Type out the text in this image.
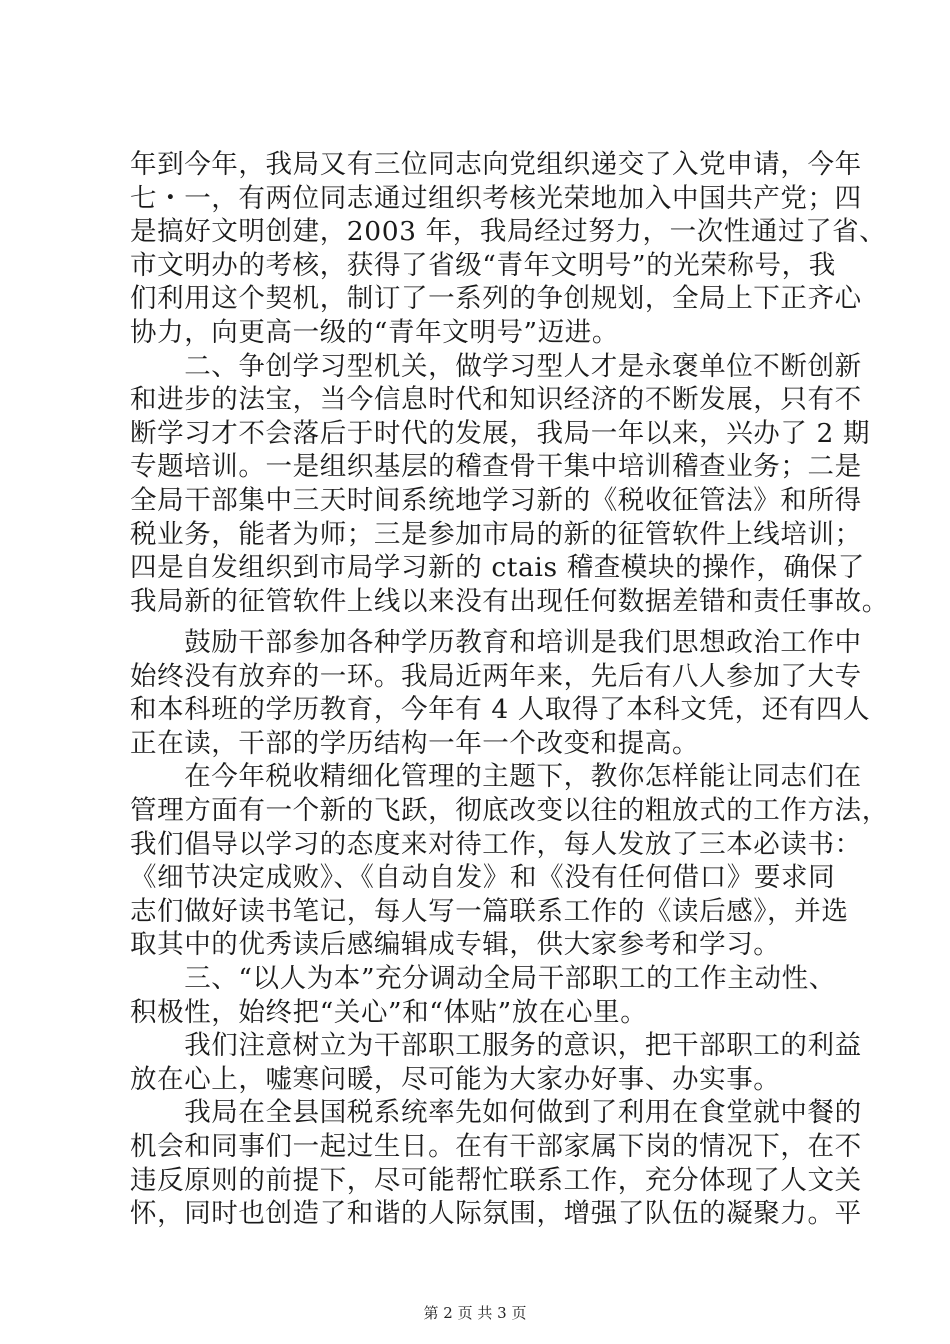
年到今年，我局又有三位同志向党组织递交了入党申请，今年
七・一，有两位同志通过组织考核光荣地加入中国共产党；四
是搞好文明创建，2003 年，我局经过努力，一次性通过了省、
市文明办的考核，获得了省级“青年文明号”的光荣称号，我
们利用这个契机，制订了一系列的争创规划，全局上下正齐心
协力，向更高一级的“青年文明号”迈进。
　　二、争创学习型机关，做学习型人才是永褒单位不断创新
和进步的法宝，当今信息时代和知识经济的不断发展，只有不
断学习才不会落后于时代的发展，我局一年以来，兴办了 2 期
专题培训。一是组织基层的稽查骨干集中培训稽查业务；二是
全局干部集中三天时间系统地学习新的《税收征管法》和所得
税业务，能者为师；三是参加市局的新的征管软件上线培训；
四是自发组织到市局学习新的 ctais 稽查模块的操作，确保了
我局新的征管软件上线以来没有出现任何数据差错和责任事故。
　　鼓励干部参加各种学历教育和培训是我们思想政治工作中
始终没有放弃的一环。我局近两年来，先后有八人参加了大专
和本科班的学历教育，今年有 4 人取得了本科文凭，还有四人
正在读，干部的学历结构一年一个改变和提高。
　　在今年税收精细化管理的主题下，教你怎样能让同志们在
管理方面有一个新的飞跃，彻底改变以往的粗放式的工作方法，
我们倡导以学习的态度来对待工作，每人发放了三本必读书：
《细节决定成败》、《自动自发》和《没有任何借口》要求同
志们做好读书笔记，每人写一篇联系工作的《读后感》，并选
取其中的优秀读后感编辑成专辑，供大家参考和学习。
　　三、“以人为本”充分调动全局干部职工的工作主动性、
积极性，始终把“关心”和“体贴”放在心里。
　　我们注意树立为干部职工服务的意识，把干部职工的利益
放在心上，嘘寒问暖，尽可能为大家办好事、办实事。
　　我局在全县国税系统率先如何做到了利用在食堂就中餐的
机会和同事们一起过生日。在有干部家属下岗的情况下，在不
违反原则的前提下，尽可能帮忙联系工作，充分体现了人文关
怀，同时也创造了和谐的人际氛围，增强了队伍的凝聚力。平
第 2 页 共 3 页
